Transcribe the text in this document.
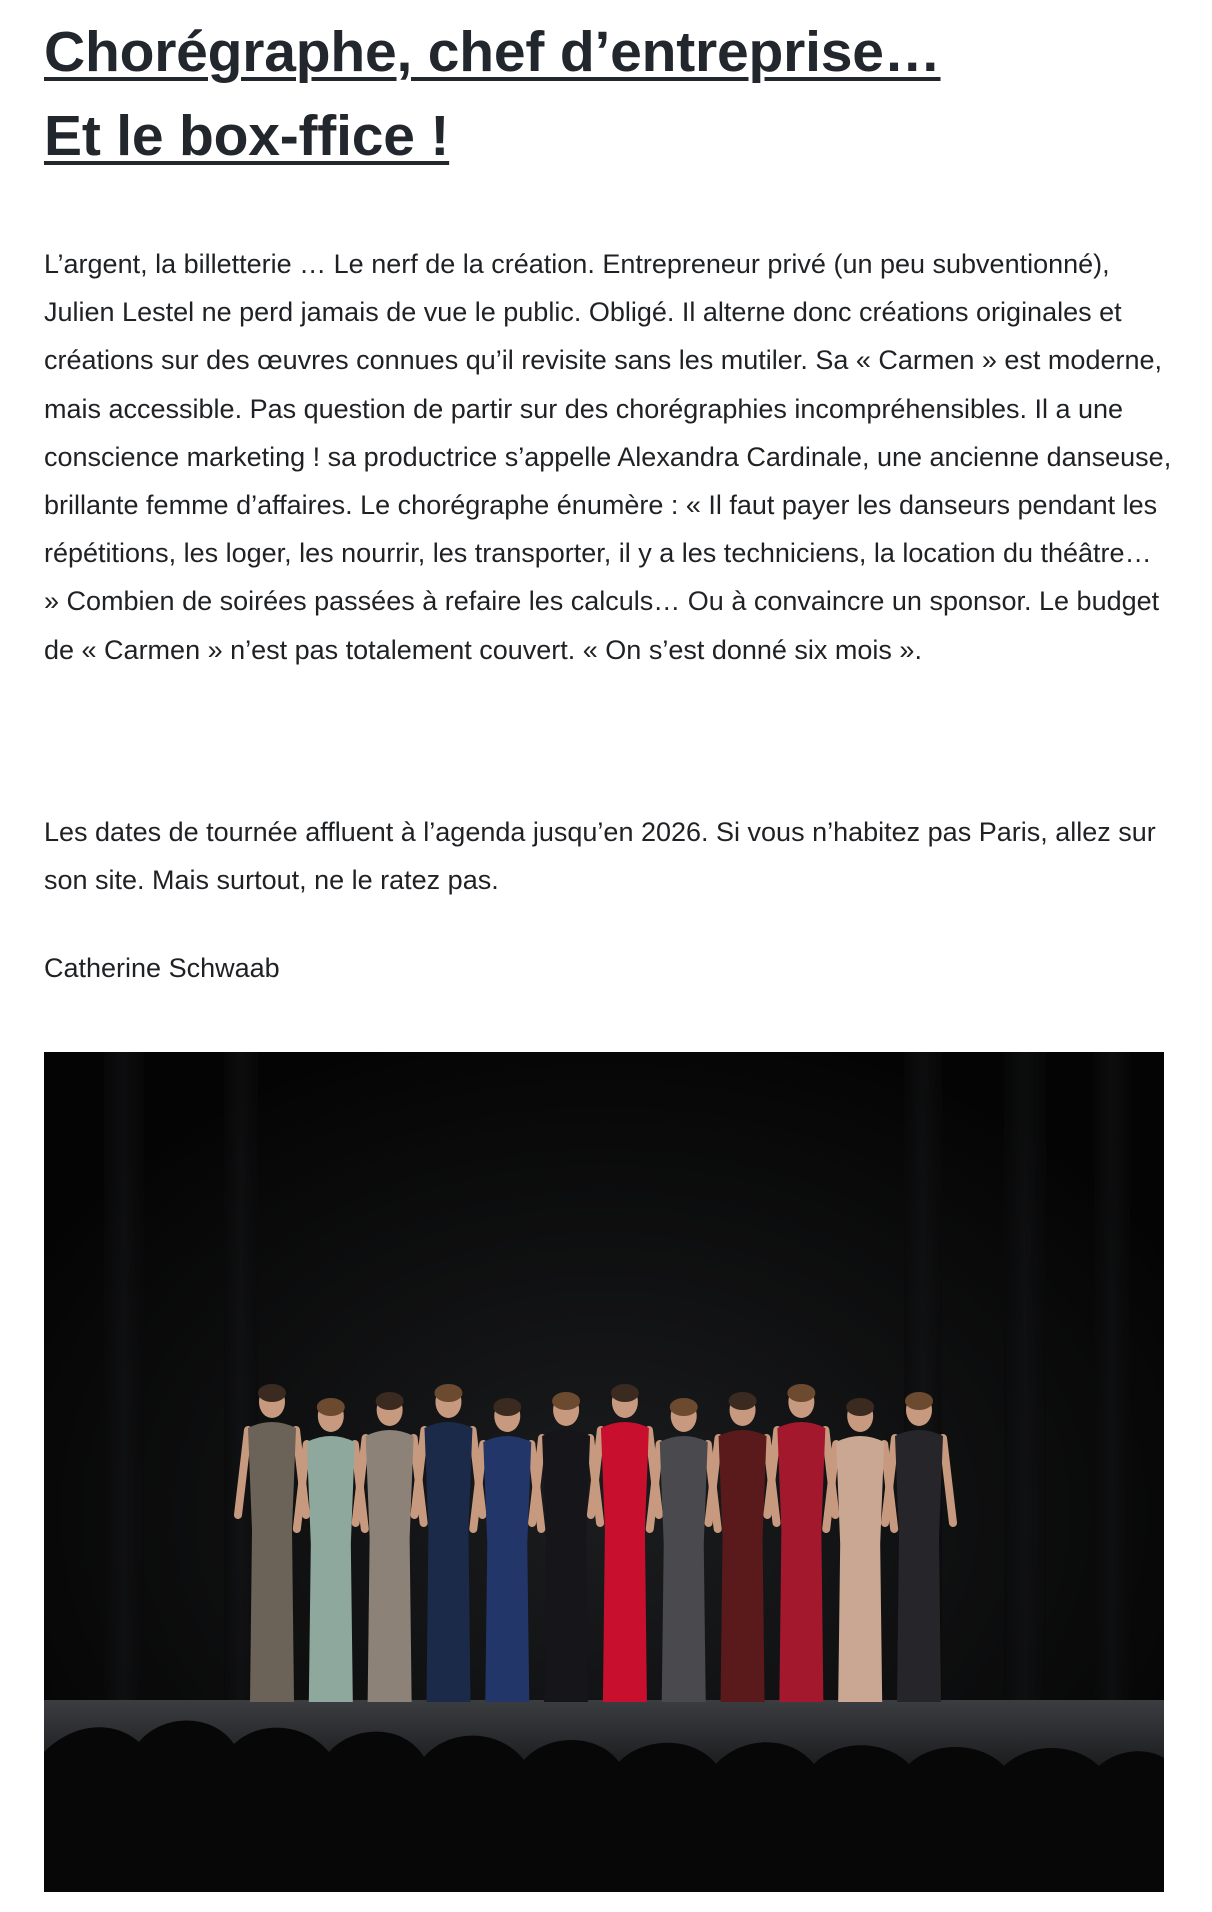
Chorégraphe, chef d’entreprise…
Et le box-ffice !

L’argent, la billetterie … Le nerf de la création. Entrepreneur privé (un peu subventionné), Julien Lestel ne perd jamais de vue le public. Obligé. Il alterne donc créations originales et créations sur des œuvres connues qu’il revisite sans les mutiler. Sa « Carmen » est moderne, mais accessible. Pas question de partir sur des chorégraphies incompréhensibles. Il a une conscience marketing ! sa productrice s’appelle Alexandra Cardinale, une ancienne danseuse, brillante femme d’affaires. Le chorégraphe énumère : « Il faut payer les danseurs pendant les répétitions, les loger, les nourrir, les transporter, il y a les techniciens, la location du théâtre… » Combien de soirées passées à refaire les calculs… Ou à convaincre un sponsor. Le budget de « Carmen » n’est pas totalement couvert. « On s’est donné six mois ».

Les dates de tournée affluent à l’agenda jusqu’en 2026. Si vous n’habitez pas Paris, allez sur son site. Mais surtout, ne le ratez pas.

Catherine Schwaab
